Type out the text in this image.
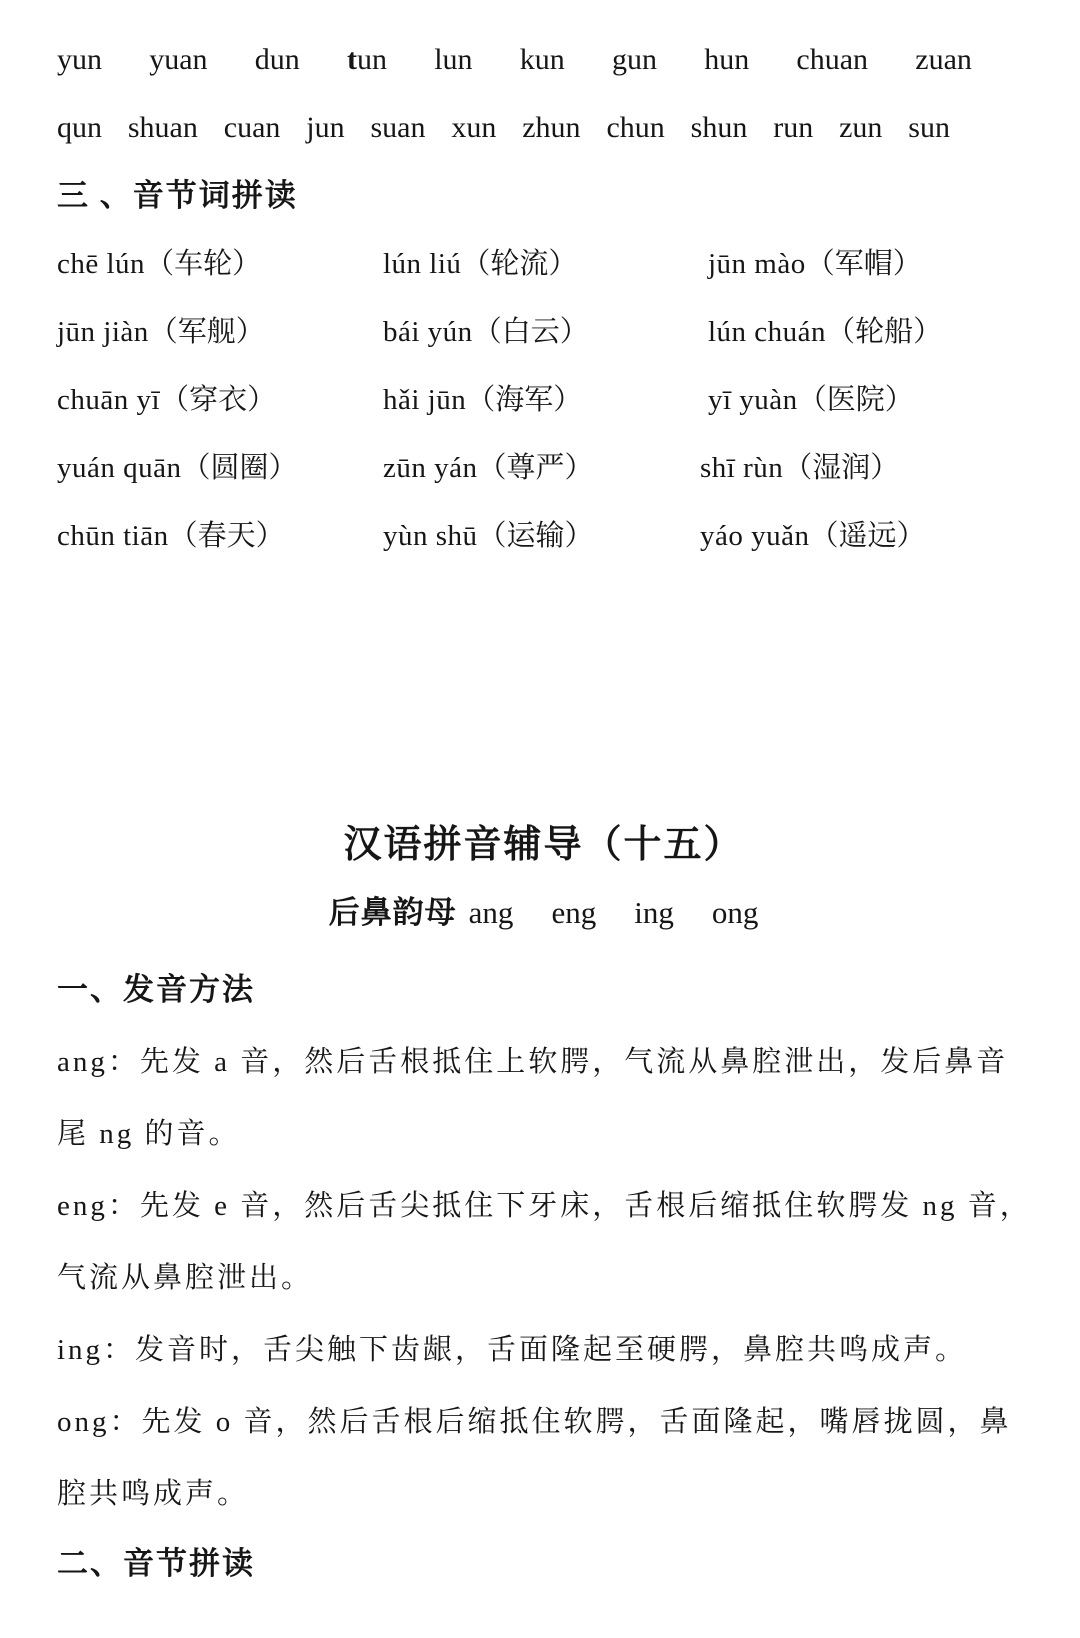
yun yuan dun tun lun kun gun hun chuan zuan
qun shuan cuan jun suan xun zhun chun shun run zun sun
三 、音节词拼读
chē lún（车轮）	lún liú（轮流）	jūn mào（军帽）
jūn jiàn（军舰）	bái yún（白云）	lún chuán（轮船）
chuān yī（穿衣）	hǎi jūn（海军）	yī yuàn（医院）
yuán quān（圆圈）	zūn yán（尊严）	shī rùn（湿润）
chūn tiān（春天）	yùn shū（运输）	yáo yuǎn（遥远）
汉语拼音辅导（十五）
后鼻韵母 ang eng ing ong
一、发音方法
ang：先发 a 音，然后舌根抵住上软腭，气流从鼻腔泄出，发后鼻音
尾 ng 的音。
eng：先发 e 音，然后舌尖抵住下牙床，舌根后缩抵住软腭发 ng 音，
气流从鼻腔泄出。
ing：发音时，舌尖触下齿龈，舌面隆起至硬腭，鼻腔共鸣成声。
ong：先发 o 音，然后舌根后缩抵住软腭，舌面隆起，嘴唇拢圆，鼻
腔共鸣成声。
二、音节拼读
